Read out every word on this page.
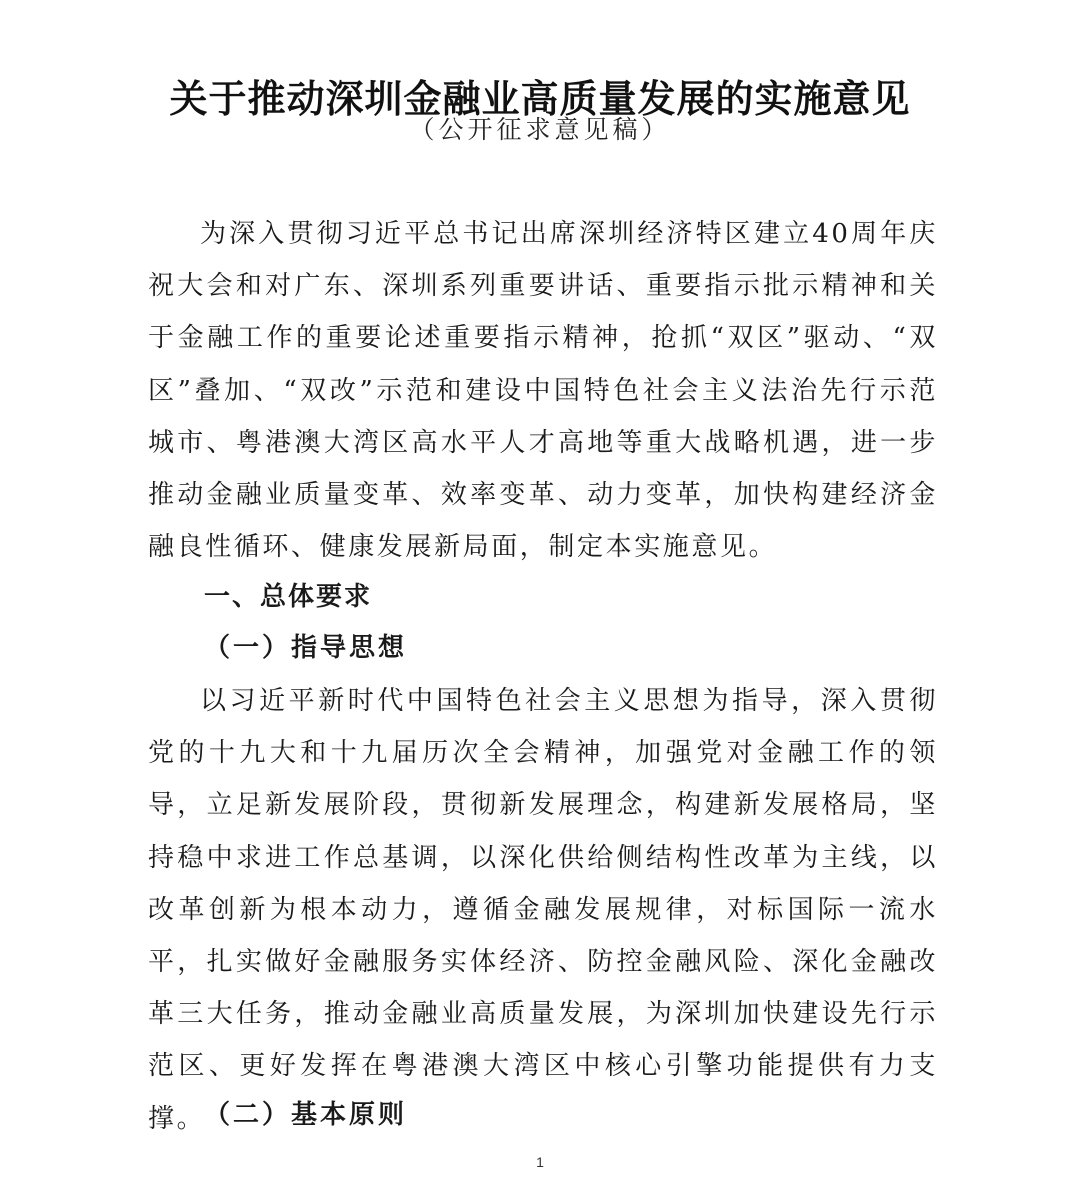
关于推动深圳金融业高质量发展的实施意见
（公开征求意见稿）

为深入贯彻习近平总书记出席深圳经济特区建立40周年庆祝大会和对广东、深圳系列重要讲话、重要指示批示精神和关于金融工作的重要论述重要指示精神，抢抓“双区”驱动、“双区”叠加、“双改”示范和建设中国特色社会主义法治先行示范城市、粤港澳大湾区高水平人才高地等重大战略机遇，进一步推动金融业质量变革、效率变革、动力变革，加快构建经济金融良性循环、健康发展新局面，制定本实施意见。

一、总体要求
（一）指导思想

以习近平新时代中国特色社会主义思想为指导，深入贯彻党的十九大和十九届历次全会精神，加强党对金融工作的领导，立足新发展阶段，贯彻新发展理念，构建新发展格局，坚持稳中求进工作总基调，以深化供给侧结构性改革为主线，以改革创新为根本动力，遵循金融发展规律，对标国际一流水平，扎实做好金融服务实体经济、防控金融风险、深化金融改革三大任务，推动金融业高质量发展，为深圳加快建设先行示范区、更好发挥在粤港澳大湾区中核心引擎功能提供有力支撑。

（二）基本原则
1
